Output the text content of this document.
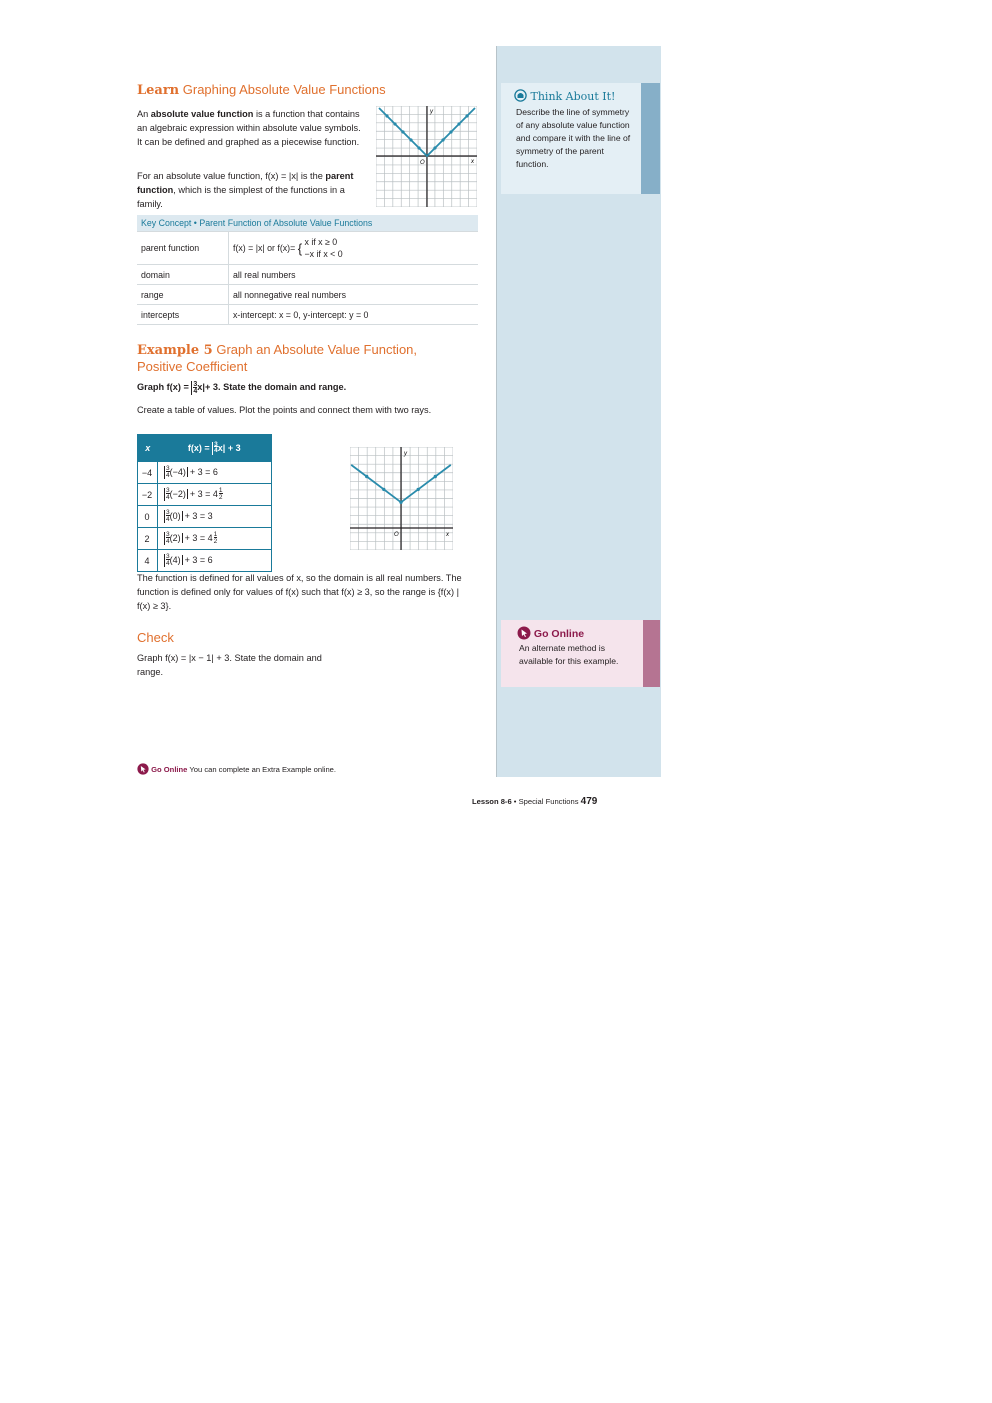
Learn Graphing Absolute Value Functions
An absolute value function is a function that contains an algebraic expression within absolute value symbols. It can be defined and graphed as a piecewise function.
For an absolute value function, f(x) = |x| is the parent function, which is the simplest of the functions in a family.
y
x
O
Key Concept • Parent Function of Absolute Value Functions	
parent function	f(x) = |x| or f(x)= { x if x ≥ 0
−x if x < 0
domain	all real numbers
range	all nonnegative real numbers
intercepts	x-intercept: x = 0, y-intercept: y = 0
Example 5 Graph an Absolute Value Function, Positive Coefficient
Graph $f(x) = \frac{3}{4}x|+ 3$. State the domain and range.
Create a table of values. Plot the points and connect them with two rays.
x	$f(x) = \frac{3}{4}x| + 3$
−4	$\frac{3}{4}(-4) + 3 = 6$
−2	$\frac{3}{4}(-2) + 3 = 4\frac{1}{2}$
0	$\frac{3}{4}(0) + 3 = 3$
2	$\frac{3}{4}(2) + 3 = 4\frac{1}{2}$
4	$\frac{3}{4}(4) + 3 = 6$
y
x
O
The function is defined for all values of x, so the domain is all real numbers. The function is defined only for values of f(x) such that f(x) ≥ 3, so the range is {f(x) | f(x) ≥ 3}.
Check
Graph f(x) = |x − 1| + 3. State the domain and range.
Think About It!
Describe the line of symmetry of any absolute value function and compare it with the line of symmetry of the parent function.
Go Online
An alternate method is available for this example.
Go Online You can complete an Extra Example online.
Lesson 8-6 • Special Functions 479
